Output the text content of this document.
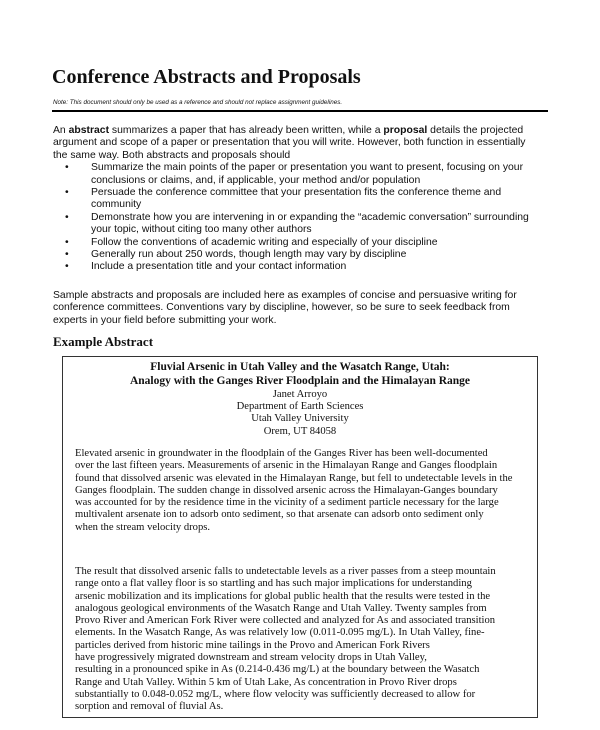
Conference Abstracts and Proposals
Note: This document should only be used as a reference and should not replace assignment guidelines.
An abstract summarizes a paper that has already been written, while a proposal details the projected
argument and scope of a paper or presentation that you will write. However, both function in essentially
the same way. Both abstracts and proposals should
• Summarize the main points of the paper or presentation you want to present, focusing on your
conclusions or claims, and, if applicable, your method and/or population
• Persuade the conference committee that your presentation fits the conference theme and
community
• Demonstrate how you are intervening in or expanding the “academic conversation” surrounding
your topic, without citing too many other authors
• Follow the conventions of academic writing and especially of your discipline
• Generally run about 250 words, though length may vary by discipline
• Include a presentation title and your contact information
Sample abstracts and proposals are included here as examples of concise and persuasive writing for
conference committees. Conventions vary by discipline, however, so be sure to seek feedback from
experts in your field before submitting your work.
Example Abstract
Fluvial Arsenic in Utah Valley and the Wasatch Range, Utah:
Analogy with the Ganges River Floodplain and the Himalayan Range
Janet Arroyo
Department of Earth Sciences
Utah Valley University
Orem, UT 84058
Elevated arsenic in groundwater in the floodplain of the Ganges River has been well-documented
over the last fifteen years. Measurements of arsenic in the Himalayan Range and Ganges floodplain
found that dissolved arsenic was elevated in the Himalayan Range, but fell to undetectable levels in the
Ganges floodplain. The sudden change in dissolved arsenic across the Himalayan-Ganges boundary
was accounted for by the residence time in the vicinity of a sediment particle necessary for the large
multivalent arsenate ion to adsorb onto sediment, so that arsenate can adsorb onto sediment only
when the stream velocity drops.
The result that dissolved arsenic falls to undetectable levels as a river passes from a steep mountain
range onto a flat valley floor is so startling and has such major implications for understanding
arsenic mobilization and its implications for global public health that the results were tested in the
analogous geological environments of the Wasatch Range and Utah Valley. Twenty samples from
Provo River and American Fork River were collected and analyzed for As and associated transition
elements. In the Wasatch Range, As was relatively low (0.011-0.095 mg/L). In Utah Valley, fine-
particles derived from historic mine tailings in the Provo and American Fork Rivers
have progressively migrated downstream and stream velocity drops in Utah Valley,
resulting in a pronounced spike in As (0.214-0.436 mg/L) at the boundary between the Wasatch
Range and Utah Valley. Within 5 km of Utah Lake, As concentration in Provo River drops
substantially to 0.048-0.052 mg/L, where flow velocity was sufficiently decreased to allow for
sorption and removal of fluvial As.
